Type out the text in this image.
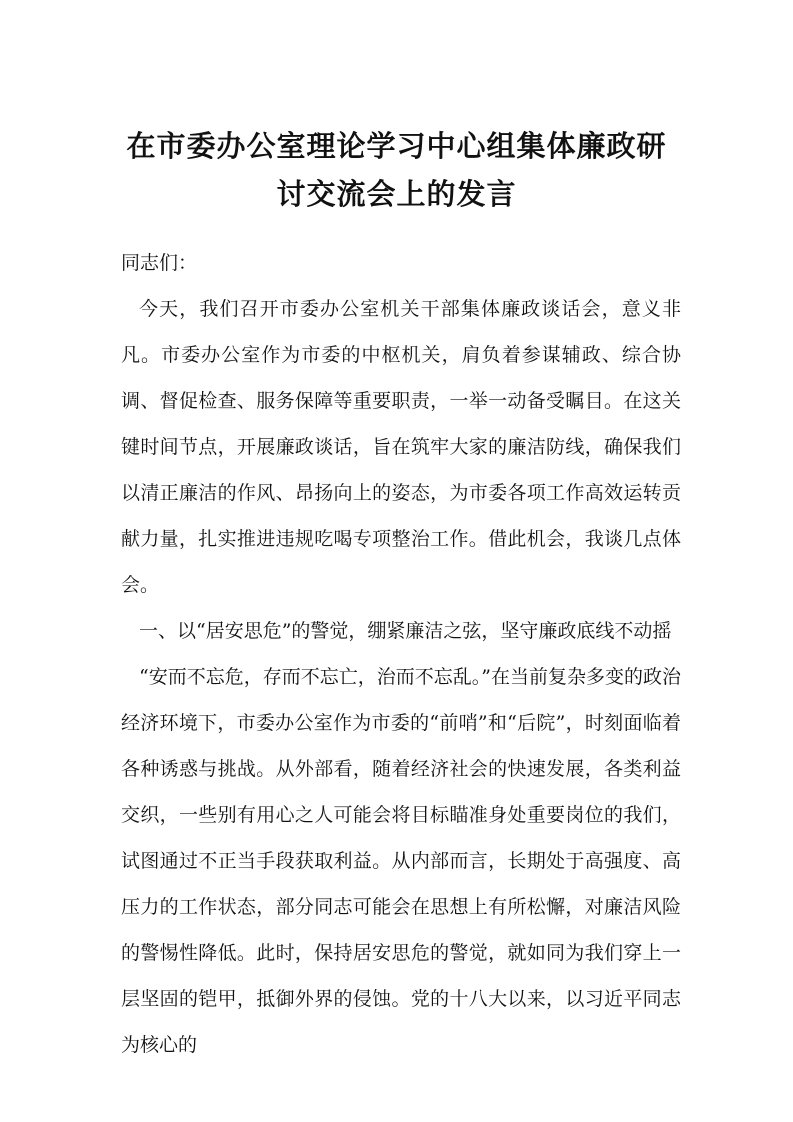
在市委办公室理论学习中心组集体廉政研
讨交流会上的发言

同志们：

今天，我们召开市委办公室机关干部集体廉政谈话会，意义非凡。市委办公室作为市委的中枢机关，肩负着参谋辅政、综合协调、督促检查、服务保障等重要职责，一举一动备受瞩目。在这关键时间节点，开展廉政谈话，旨在筑牢大家的廉洁防线，确保我们以清正廉洁的作风、昂扬向上的姿态，为市委各项工作高效运转贡献力量，扎实推进违规吃喝专项整治工作。借此机会，我谈几点体会。

一、以“居安思危”的警觉，绷紧廉洁之弦，坚守廉政底线不动摇

“安而不忘危，存而不忘亡，治而不忘乱。”在当前复杂多变的政治经济环境下，市委办公室作为市委的“前哨”和“后院”，时刻面临着各种诱惑与挑战。从外部看，随着经济社会的快速发展，各类利益交织，一些别有用心之人可能会将目标瞄准身处重要岗位的我们，试图通过不正当手段获取利益。从内部而言，长期处于高强度、高压力的工作状态，部分同志可能会在思想上有所松懈，对廉洁风险的警惕性降低。此时，保持居安思危的警觉，就如同为我们穿上一层坚固的铠甲，抵御外界的侵蚀。党的十八大以来，以习近平同志为核心的
